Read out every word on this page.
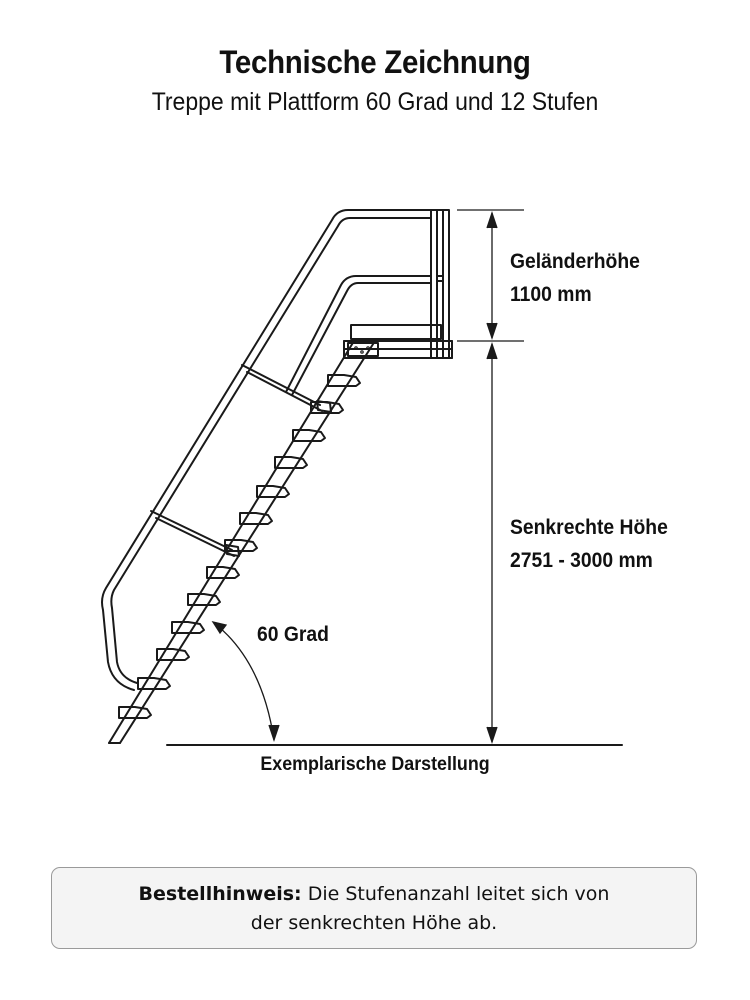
Technische Zeichnung
Treppe mit Plattform 60 Grad und 12 Stufen
Geländerhöhe
1100 mm
Senkrechte Höhe
2751 - 3000 mm
60 Grad
Exemplarische Darstellung
Bestellhinweis: Die Stufenanzahl leitet sich von
der senkrechten Höhe ab.
